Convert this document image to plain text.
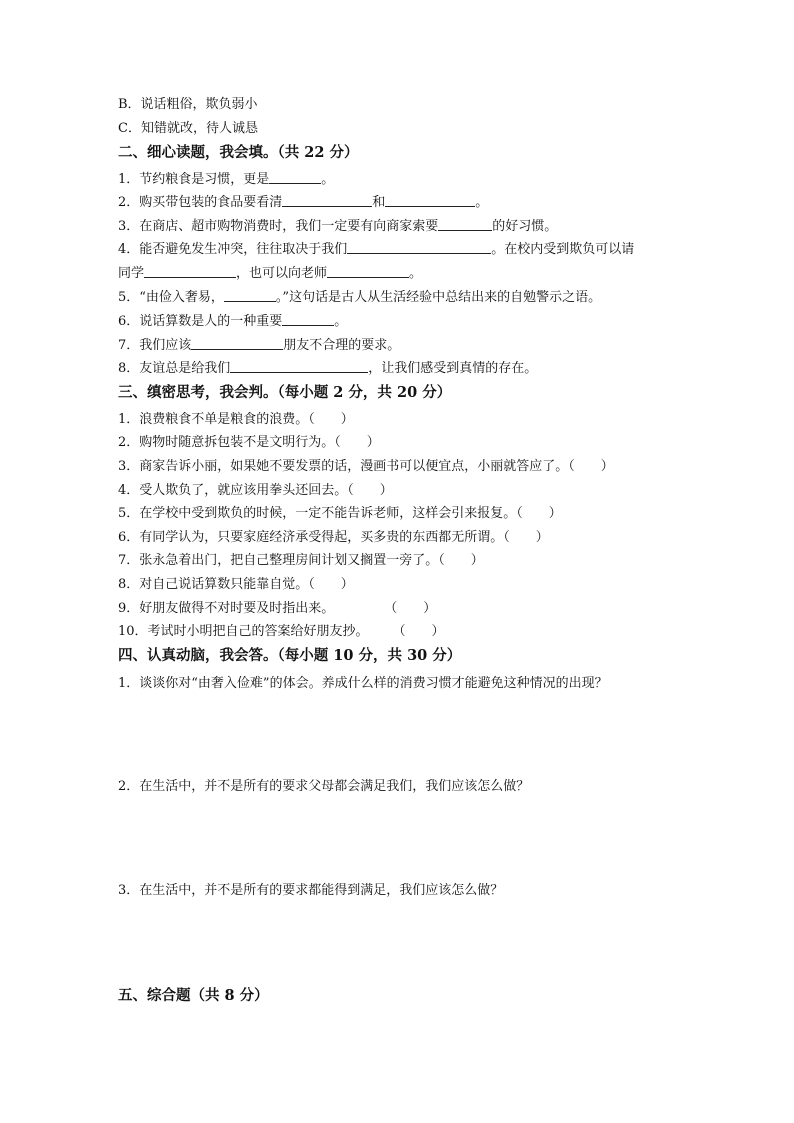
B．说话粗俗，欺负弱小
C．知错就改，待人诚恳
二、细心读题，我会填。（共 22 分）
1．节约粮食是习惯，更是	。
2．购买带包装的食品要看清	和	。
3．在商店、超市购物消费时，我们一定要有向商家索要	的好习惯。
4．能否避免发生冲突，往往取决于我们	。在校内受到欺负可以请
同学	，也可以向老师	。
5．“由俭入奢易，	。”这句话是古人从生活经验中总结出来的自勉警示之语。
6．说话算数是人的一种重要	。
7．我们应该	朋友不合理的要求。
8．友谊总是给我们	，让我们感受到真情的存在。
三、缜密思考，我会判。（每小题 2 分，共 20 分）
1．浪费粮食不单是粮食的浪费。（　　）
2．购物时随意拆包装不是文明行为。（　　）
3．商家告诉小丽，如果她不要发票的话，漫画书可以便宜点，小丽就答应了。（　　）
4．受人欺负了，就应该用拳头还回去。（　　）
5．在学校中受到欺负的时候，一定不能告诉老师，这样会引来报复。（　　）
6．有同学认为，只要家庭经济承受得起，买多贵的东西都无所谓。（　　）
7．张永急着出门，把自己整理房间计划又搁置一旁了。（　　）
8．对自己说话算数只能靠自觉。（　　）
9．好朋友做得不对时要及时指出来。	（　　）
10．考试时小明把自己的答案给好朋友抄。 （　　）
四、认真动脑，我会答。（每小题 10 分，共 30 分）
1．谈谈你对“由奢入俭难”的体会。养成什么样的消费习惯才能避免这种情况的出现？
2．在生活中，并不是所有的要求父母都会满足我们，我们应该怎么做？
3．在生活中，并不是所有的要求都能得到满足，我们应该怎么做？
五、综合题（共 8 分）
